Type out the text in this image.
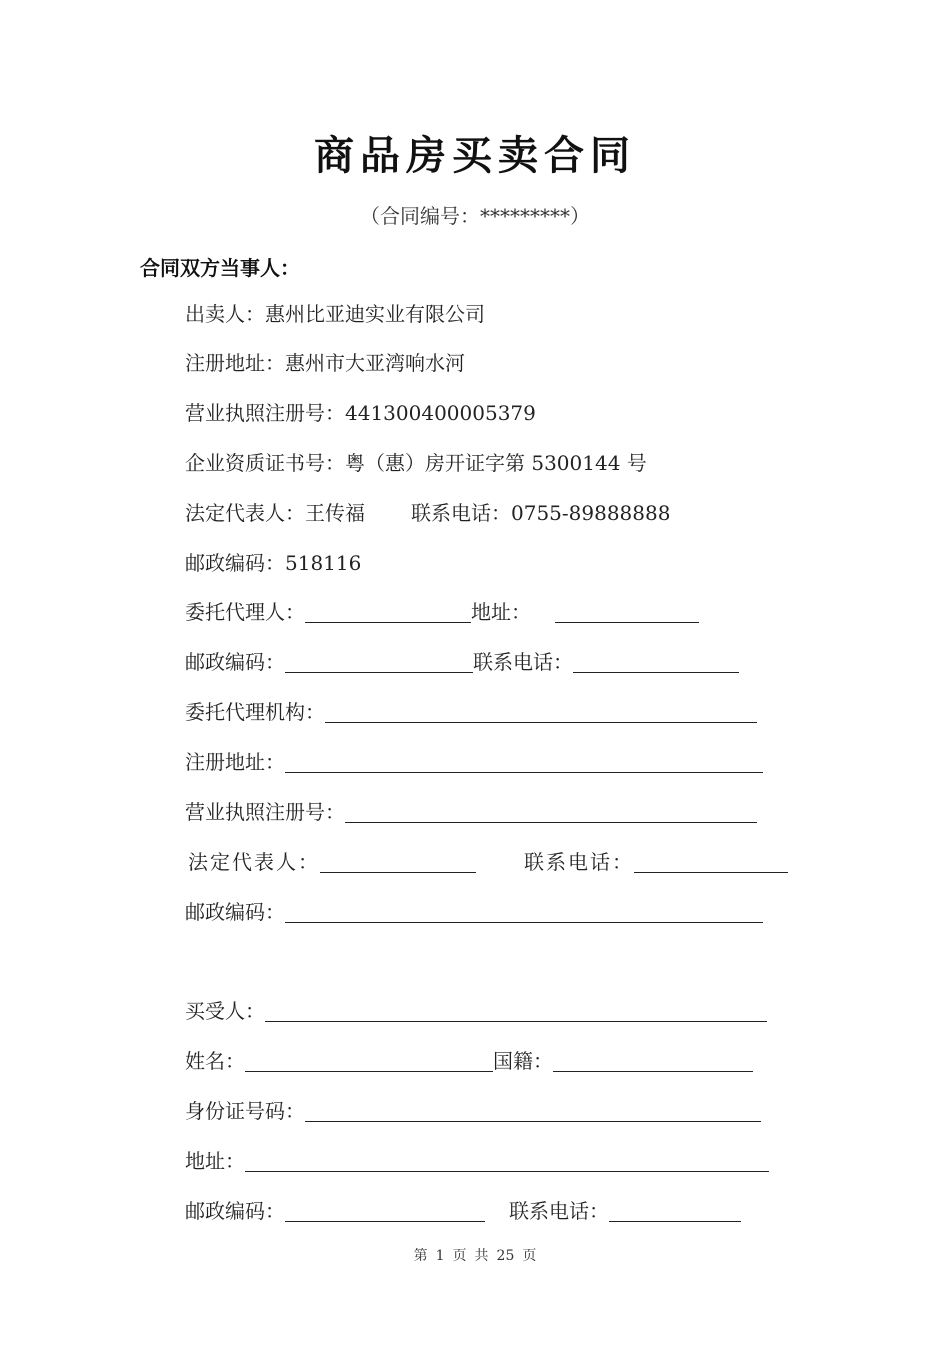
商品房买卖合同
（合同编号：*********）
合同双方当事人：
出卖人：惠州比亚迪实业有限公司
注册地址：惠州市大亚湾响水河
营业执照注册号：441300400005379
企业资质证书号：粤（惠）房开证字第 5300144 号
法定代表人：王传福 联系电话：0755-89888888
邮政编码：518116
委托代理人：	地址：
邮政编码：	联系电话：
委托代理机构：
注册地址：
营业执照注册号：
法定代表人：	联系电话：
邮政编码：
买受人：
姓名：	国籍：
身份证号码：
地址：
邮政编码：	联系电话：
第 1 页 共 25 页
